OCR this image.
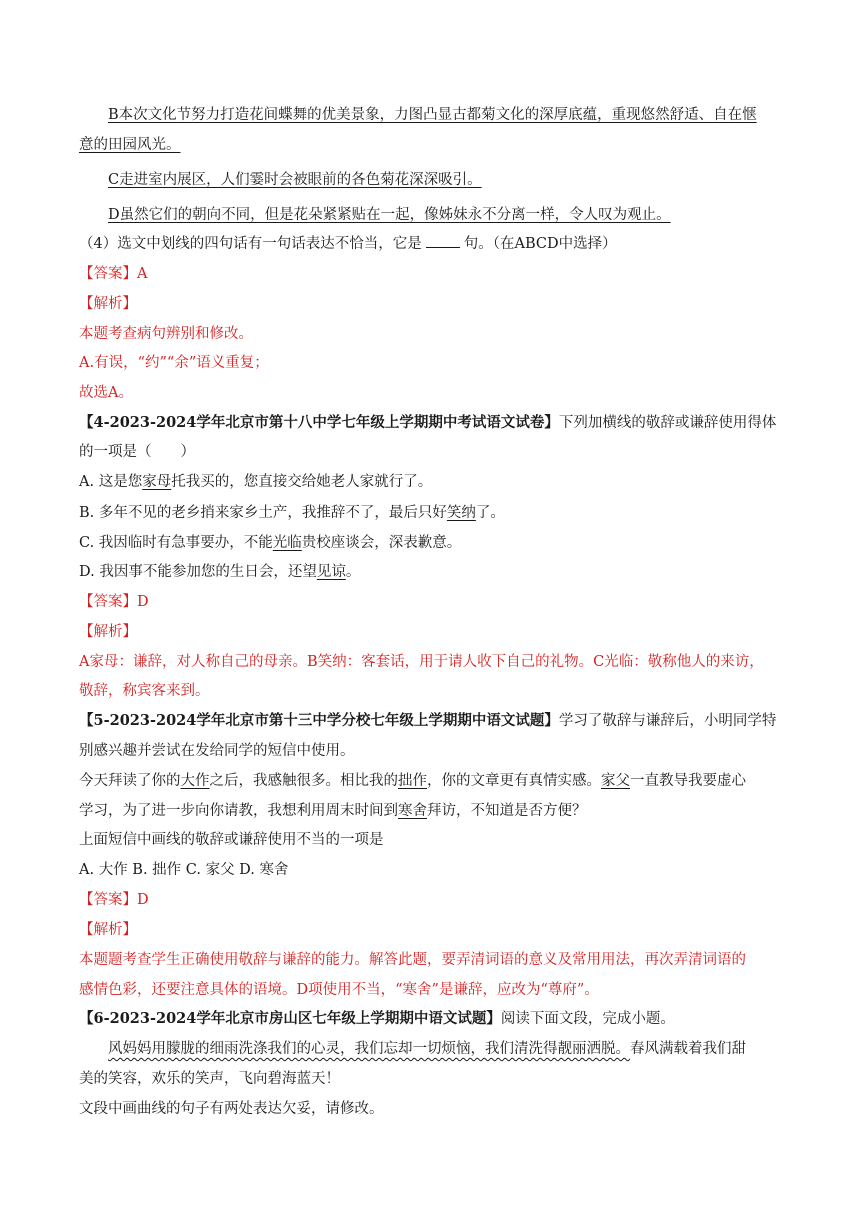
B本次文化节努力打造花间蝶舞的优美景象，力图凸显古都菊文化的深厚底蕴，重现悠然舒适、自在惬
意的田园风光。
C走进室内展区，人们霎时会被眼前的各色菊花深深吸引。
D虽然它们的朝向不同，但是花朵紧紧贴在一起，像姊妹永不分离一样，令人叹为观止。
（4）选文中划线的四句话有一句话表达不恰当，它是	句。（在ABCD中选择）
【答案】A
【解析】
本题考查病句辨别和修改。
A.有误，“约”“余”语义重复；
故选A。
【4-2023-2024学年北京市第十八中学七年级上学期期中考试语文试卷】下列加横线的敬辞或谦辞使用得体
的一项是（　　）
A. 这是您家母托我买的，您直接交给她老人家就行了。
B. 多年不见的老乡捎来家乡土产，我推辞不了，最后只好笑纳了。
C. 我因临时有急事要办，不能光临贵校座谈会，深表歉意。
D. 我因事不能参加您的生日会，还望见谅。
【答案】D
【解析】
A家母：谦辞，对人称自己的母亲。B笑纳：客套话，用于请人收下自己的礼物。C光临：敬称他人的来访，
敬辞，称宾客来到。
【5-2023-2024学年北京市第十三中学分校七年级上学期期中语文试题】学习了敬辞与谦辞后，小明同学特
别感兴趣并尝试在发给同学的短信中使用。
今天拜读了你的大作之后，我感触很多。相比我的拙作，你的文章更有真情实感。家父一直教导我要虚心
学习，为了进一步向你请教，我想利用周末时间到寒舍拜访，不知道是否方便？
上面短信中画线的敬辞或谦辞使用不当的一项是
A. 大作 B. 拙作 C. 家父 D. 寒舍
【答案】D
【解析】
本题题考查学生正确使用敬辞与谦辞的能力。解答此题，要弄清词语的意义及常用用法，再次弄清词语的
感情色彩，还要注意具体的语境。D项使用不当，“寒舍”是谦辞，应改为“尊府”。
【6-2023-2024学年北京市房山区七年级上学期期中语文试题】阅读下面文段，完成小题。
风妈妈用朦胧的细雨洗涤我们的心灵，我们忘却一切烦恼，我们清洗得靓丽洒脱。春风满载着我们甜
美的笑容，欢乐的笑声，飞向碧海蓝天！
文段中画曲线的句子有两处表达欠妥，请修改。
